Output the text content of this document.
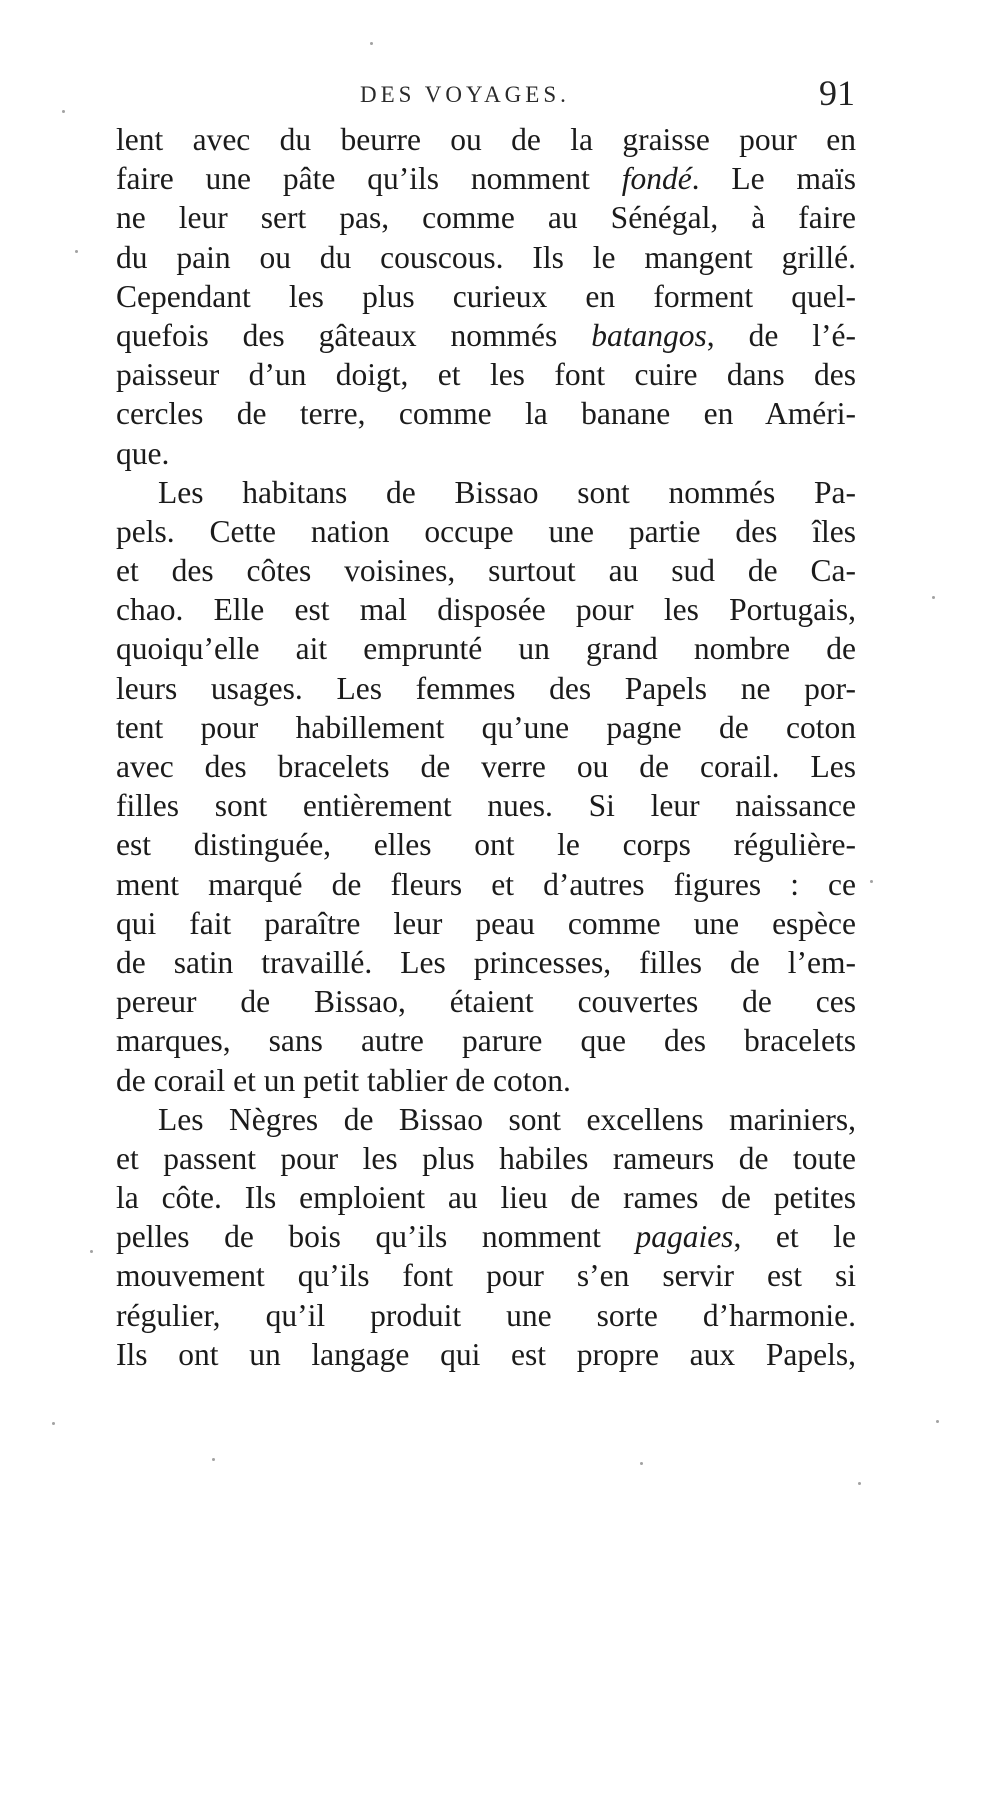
DES VOYAGES.	91
lent avec du beurre ou de la graisse pour en
faire une pâte qu’ils nomment fondé. Le maïs
ne leur sert pas, comme au Sénégal, à faire
du pain ou du couscous. Ils le mangent grillé.
Cependant les plus curieux en forment quel-
quefois des gâteaux nommés batangos, de l’é-
paisseur d’un doigt, et les font cuire dans des
cercles de terre, comme la banane en Améri-
que.
Les habitans de Bissao sont nommés Pa-
pels. Cette nation occupe une partie des îles
et des côtes voisines, surtout au sud de Ca-
chao. Elle est mal disposée pour les Portugais,
quoiqu’elle ait emprunté un grand nombre de
leurs usages. Les femmes des Papels ne por-
tent pour habillement qu’une pagne de coton
avec des bracelets de verre ou de corail. Les
filles sont entièrement nues. Si leur naissance
est distinguée, elles ont le corps régulière-
ment marqué de fleurs et d’autres figures : ce
qui fait paraître leur peau comme une espèce
de satin travaillé. Les princesses, filles de l’em-
pereur de Bissao, étaient couvertes de ces
marques, sans autre parure que des bracelets
de corail et un petit tablier de coton.
Les Nègres de Bissao sont excellens mariniers,
et passent pour les plus habiles rameurs de toute
la côte. Ils emploient au lieu de rames de petites
pelles de bois qu’ils nomment pagaies, et le
mouvement qu’ils font pour s’en servir est si
régulier, qu’il produit une sorte d’harmonie.
Ils ont un langage qui est propre aux Papels,
